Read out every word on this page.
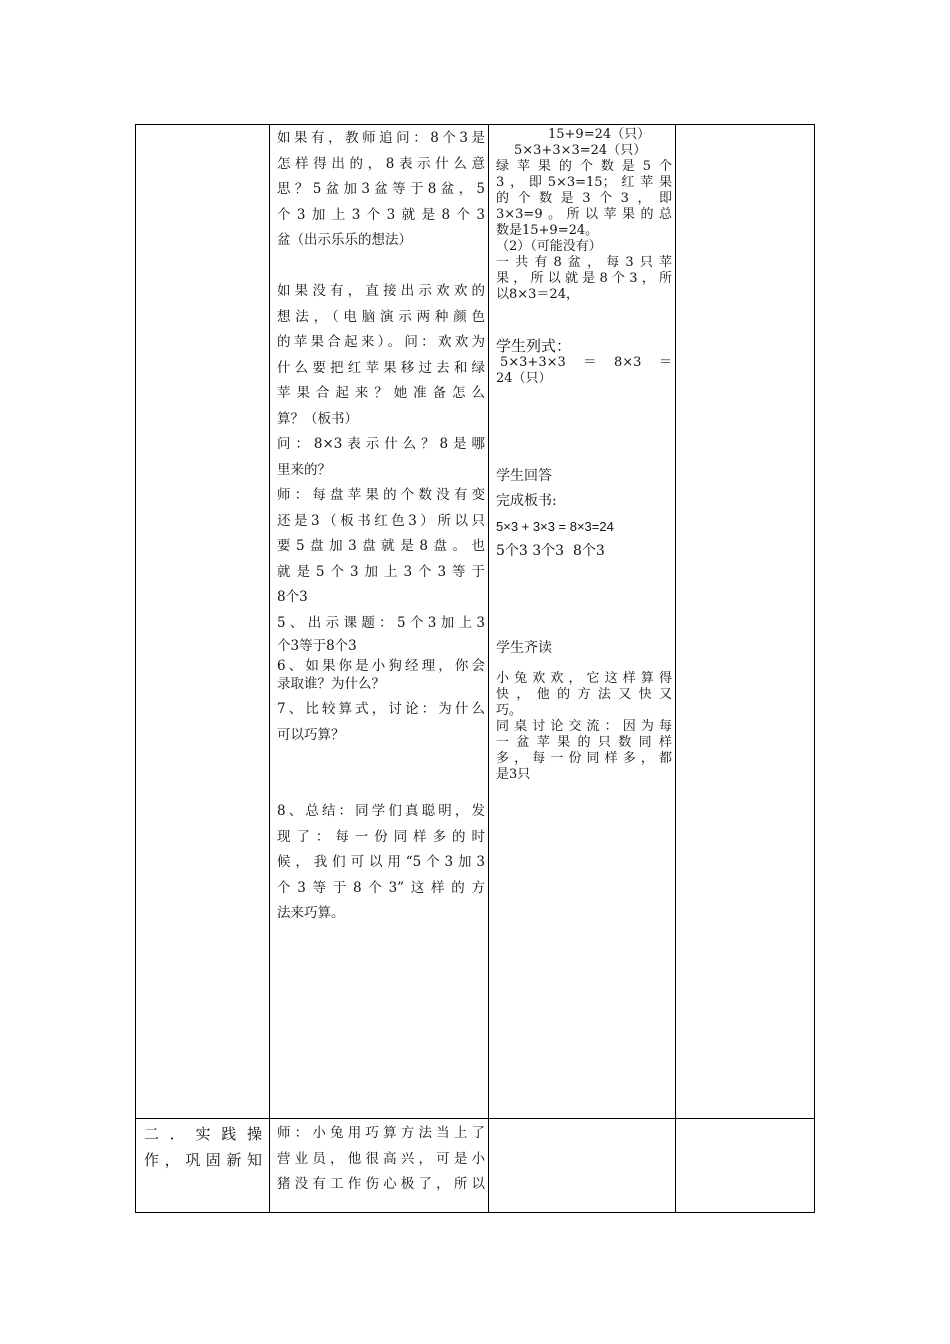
如果有，教师追问：8个3是

怎样得出的，8表示什么意

思？5盆加3盆等于8盆，5

个3加上3个3就是8个3

盆（出示乐乐的想法）

如果没有，直接出示欢欢的

想法，（电脑演示两种颜色

的苹果合起来）。问：欢欢为

什么要把红苹果移过去和绿

苹果合起来？她准备怎么

算？（板书）

问：8×3表示什么？8是哪

里来的？

师：每盘苹果的个数没有变

还是3（板书红色3）所以只

要5盘加3盘就是8盘。也

就是5个3加上3个3等于

8个3

5、出示课题：5个3加上3

个3等于8个3

6、如果你是小狗经理，你会

录取谁？为什么？

7、比较算式，讨论：为什么

可以巧算？

8、总结：同学们真聪明，发

现了：每一份同样多的时

候，我们可以用“5个3加3

个3等于8个3”这样的方

法来巧算。

15+9=24（只）

5×3+3×3=24（只）

绿苹果的个数是5个

3，即5×3=15；红苹果

的个数是3个3，即

3×3=9。所以苹果的总

数是15+9=24。

（2）（可能没有）

一共有8盆，每3只苹

果，所以就是8个3，所

以8×3＝24，

学生列式：

5×3+3×3＝8×3＝

24（只）

学生回答

完成板书:

5×3 + 3×3 = 8×3=24

5个3 3个3  8个3

学生齐读

小兔欢欢，它这样算得

快，他的方法又快又

巧。

同桌讨论交流：因为每

一盆苹果的只数同样

多，每一份同样多，都

是3只

二．实践操

作，巩固新知

师：小兔用巧算方法当上了

营业员，他很高兴，可是小

猪没有工作伤心极了，所以
